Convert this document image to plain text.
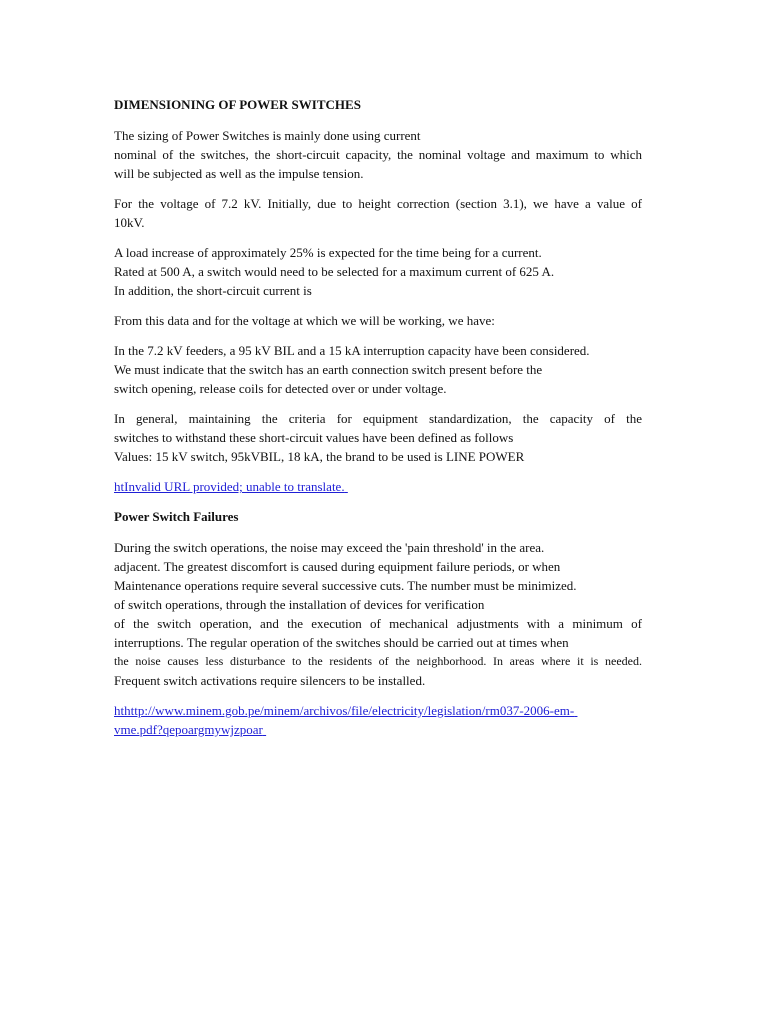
DIMENSIONING OF POWER SWITCHES
The sizing of Power Switches is mainly done using current
nominal of the switches, the short-circuit capacity, the nominal voltage and maximum to which
will be subjected as well as the impulse tension.
For the voltage of 7.2 kV. Initially, due to height correction (section 3.1), we have a value of
10kV.
A load increase of approximately 25% is expected for the time being for a current.
Rated at 500 A, a switch would need to be selected for a maximum current of 625 A.
In addition, the short-circuit current is
From this data and for the voltage at which we will be working, we have:
In the 7.2 kV feeders, a 95 kV BIL and a 15 kA interruption capacity have been considered.
We must indicate that the switch has an earth connection switch present before the
switch opening, release coils for detected over or under voltage.
In general, maintaining the criteria for equipment standardization, the capacity of the
switches to withstand these short-circuit values have been defined as follows
Values: 15 kV switch, 95kVBIL, 18 kA, the brand to be used is LINE POWER
htInvalid URL provided; unable to translate.
Power Switch Failures
During the switch operations, the noise may exceed the 'pain threshold' in the area.
adjacent. The greatest discomfort is caused during equipment failure periods, or when
Maintenance operations require several successive cuts. The number must be minimized.
of switch operations, through the installation of devices for verification
of the switch operation, and the execution of mechanical adjustments with a minimum of
interruptions. The regular operation of the switches should be carried out at times when
the noise causes less disturbance to the residents of the neighborhood. In areas where it is needed.
Frequent switch activations require silencers to be installed.
hthttp://www.minem.gob.pe/minem/archivos/file/electricity/legislation/rm037-2006-em-
vme.pdf?qepoargmywjzpoar
